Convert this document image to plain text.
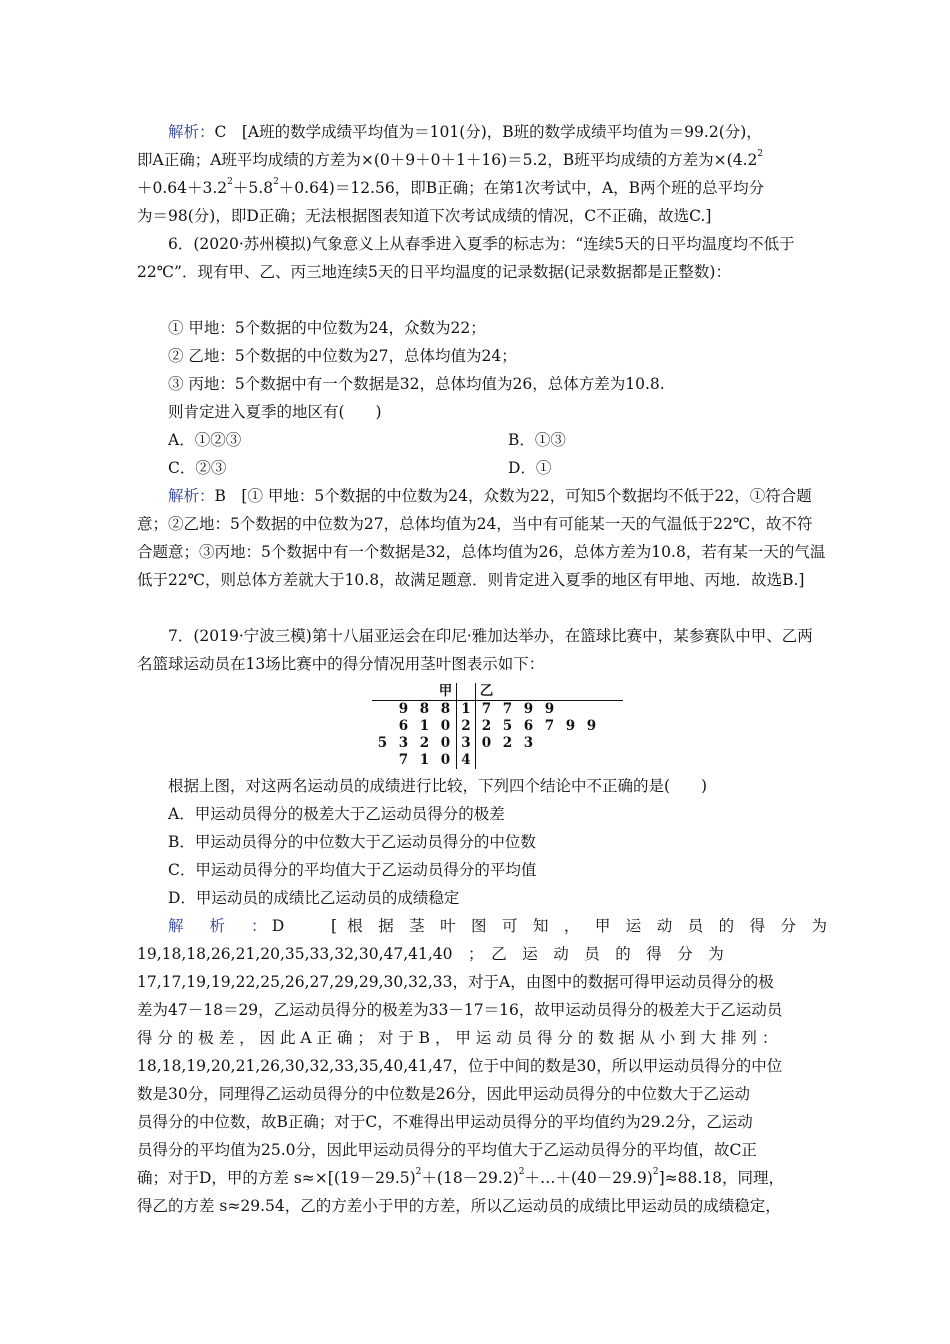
解析：C　[A班的数学成绩平均值为＝101(分)，B班的数学成绩平均值为＝99.2(分)，
即A正确；A班平均成绩的方差为×(0＋9＋0＋1＋16)＝5.2，B班平均成绩的方差为$\times(4.2^2$
$+0.64+3.2^2+5.8^2+0.64)=12.56$，即B正确；在第1次考试中，A，B两个班的总平均分
为＝98(分)，即D正确；无法根据图表知道下次考试成绩的情况，C不正确，故选C.]

6．(2020·苏州模拟)气象意义上从春季进入夏季的标志为：“连续5天的日平均温度均不低于22℃”．现有甲、乙、丙三地连续5天的日平均温度的记录数据(记录数据都是正整数)：

① 甲地：5个数据的中位数为24，众数为22；
② 乙地：5个数据的中位数为27，总体均值为24；
③ 丙地：5个数据中有一个数据是32，总体均值为26，总体方差为10.8.
则肯定进入夏季的地区有(　　)
A．①②③	B．①③
C．②③	D．①

解析：B　[① 甲地：5个数据的中位数为24，众数为22，可知5个数据均不低于22，①符合题意；②乙地：5个数据的中位数为27，总体均值为24，当中有可能某一天的气温低于22℃，故不符合题意；③丙地：5个数据中有一个数据是32，总体均值为26，总体方差为10.8，若有某一天的气温低于22℃，则总体方差就大于10.8，故满足题意．则肯定进入夏季的地区有甲地、丙地．故选B.]

7．(2019·宁波三模)第十八届亚运会在印尼·雅加达举办，在篮球比赛中，某参赛队中甲、乙两名篮球运动员在13场比赛中的得分情况用茎叶图表示如下：

			甲		乙						
	9	8	8	1	7	7	9	9			
	6	1	0	2	2	5	6	7	9	9	
5	3	2	0	3	0	2	3				
	7	1	0	4							
根据上图，对这两名运动员的成绩进行比较，下列四个结论中不正确的是(　　)
A．甲运动员得分的极差大于乙运动员得分的极差
B．甲运动员得分的中位数大于乙运动员得分的中位数
C．甲运动员得分的平均值大于乙运动员得分的平均值
D．甲运动员的成绩比乙运动员的成绩稳定
解　析　：D　　[ 根 据 茎 叶 图 可 知 ， 甲 运 动 员 的 得 分 为
19,18,18,26,21,20,35,33,32,30,47,41,40　；　乙　运　动　员　的　得　分　为
17,17,19,19,22,25,26,27,29,29,30,32,33，对于A，由图中的数据可得甲运动员得分的极
差为47－18＝29，乙运动员得分的极差为33－17＝16，故甲运动员得分的极差大于乙运动员
得 分 的 极 差 ， 因 此 A 正 确 ； 对 于 B ， 甲 运 动 员 得 分 的 数 据 从 小 到 大 排 列 ：
18,18,19,20,21,26,30,32,33,35,40,41,47，位于中间的数是30，所以甲运动员得分的中位
数是30分，同理得乙运动员得分的中位数是26分，因此甲运动员得分的中位数大于乙运动
员得分的中位数，故B正确；对于C，不难得出甲运动员得分的平均值约为29.2分，乙运动
员得分的平均值为25.0分，因此甲运动员得分的平均值大于乙运动员得分的平均值，故C正
确；对于D，甲的方差 $s\approx\times[(19-29.5)^2+(18-29.2)^2+\dots+(40-29.9)^2]\approx 88.18$，同理，
得乙的方差 s≈29.54，乙的方差小于甲的方差，所以乙运动员的成绩比甲运动员的成绩稳定，
